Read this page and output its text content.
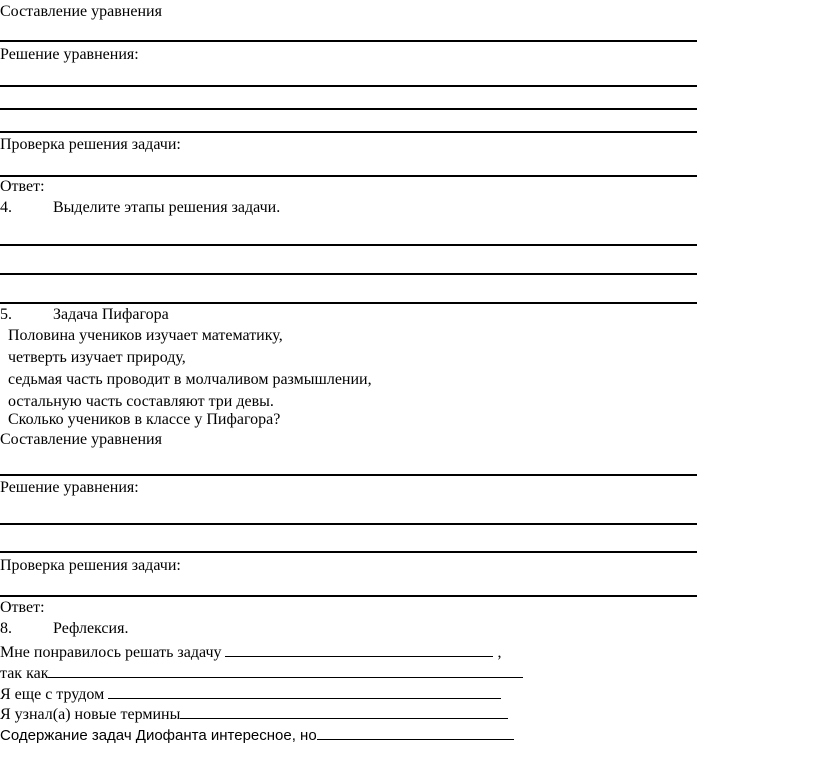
Составление уравнения

Решение уравнения:

Проверка решения задачи:

Ответ:

4.	Выделите этапы решения задачи.

5.	Задача Пифагора

Половина учеников изучает математику,

четверть изучает природу,

седьмая часть проводит в молчаливом размышлении,

остальную часть составляют три девы.

Сколько учеников в классе у Пифагора?

Составление уравнения

Решение уравнения:

Проверка решения задачи:

Ответ:

8.	Рефлексия.

Мне понравилось решать задачу	,

так как

Я еще с трудом

Я узнал(а) новые термины

Содержание задач Диофанта интересное, но
